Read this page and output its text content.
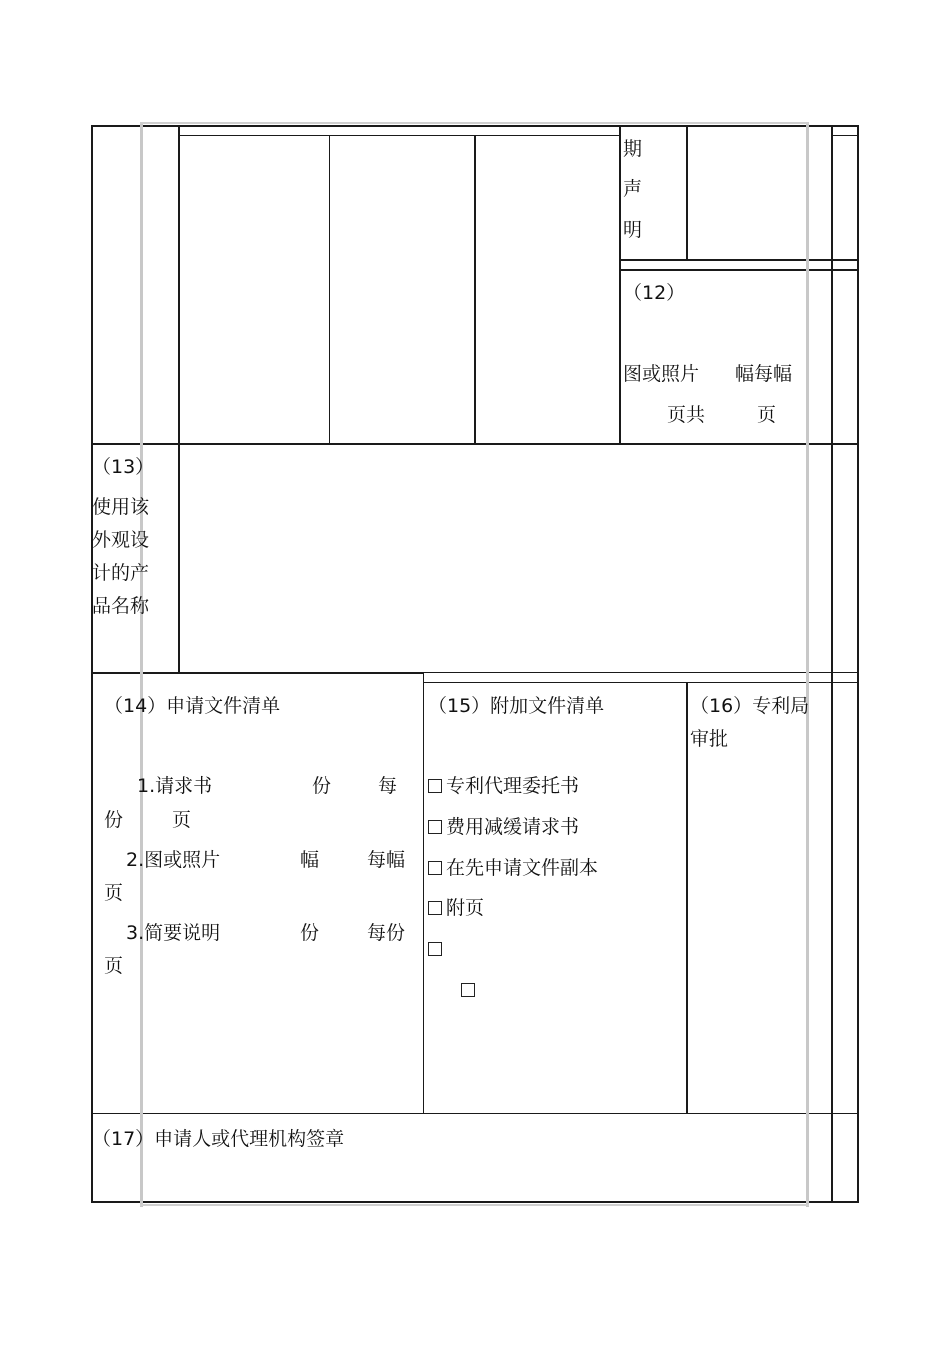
期
声
明
（12）
图或照片 幅每幅
页共	页
（13）
使用该
外观设
计的产
品名称
（14）申请文件清单
1.请求书	份 每
份	页
2.图或照片	幅	每幅
页
3.简要说明	份	每份
页
（15）附加文件清单
专利代理委托书
费用减缓请求书
在先申请文件副本
附页
（16）专利局
审批
（17）申请人或代理机构签章
